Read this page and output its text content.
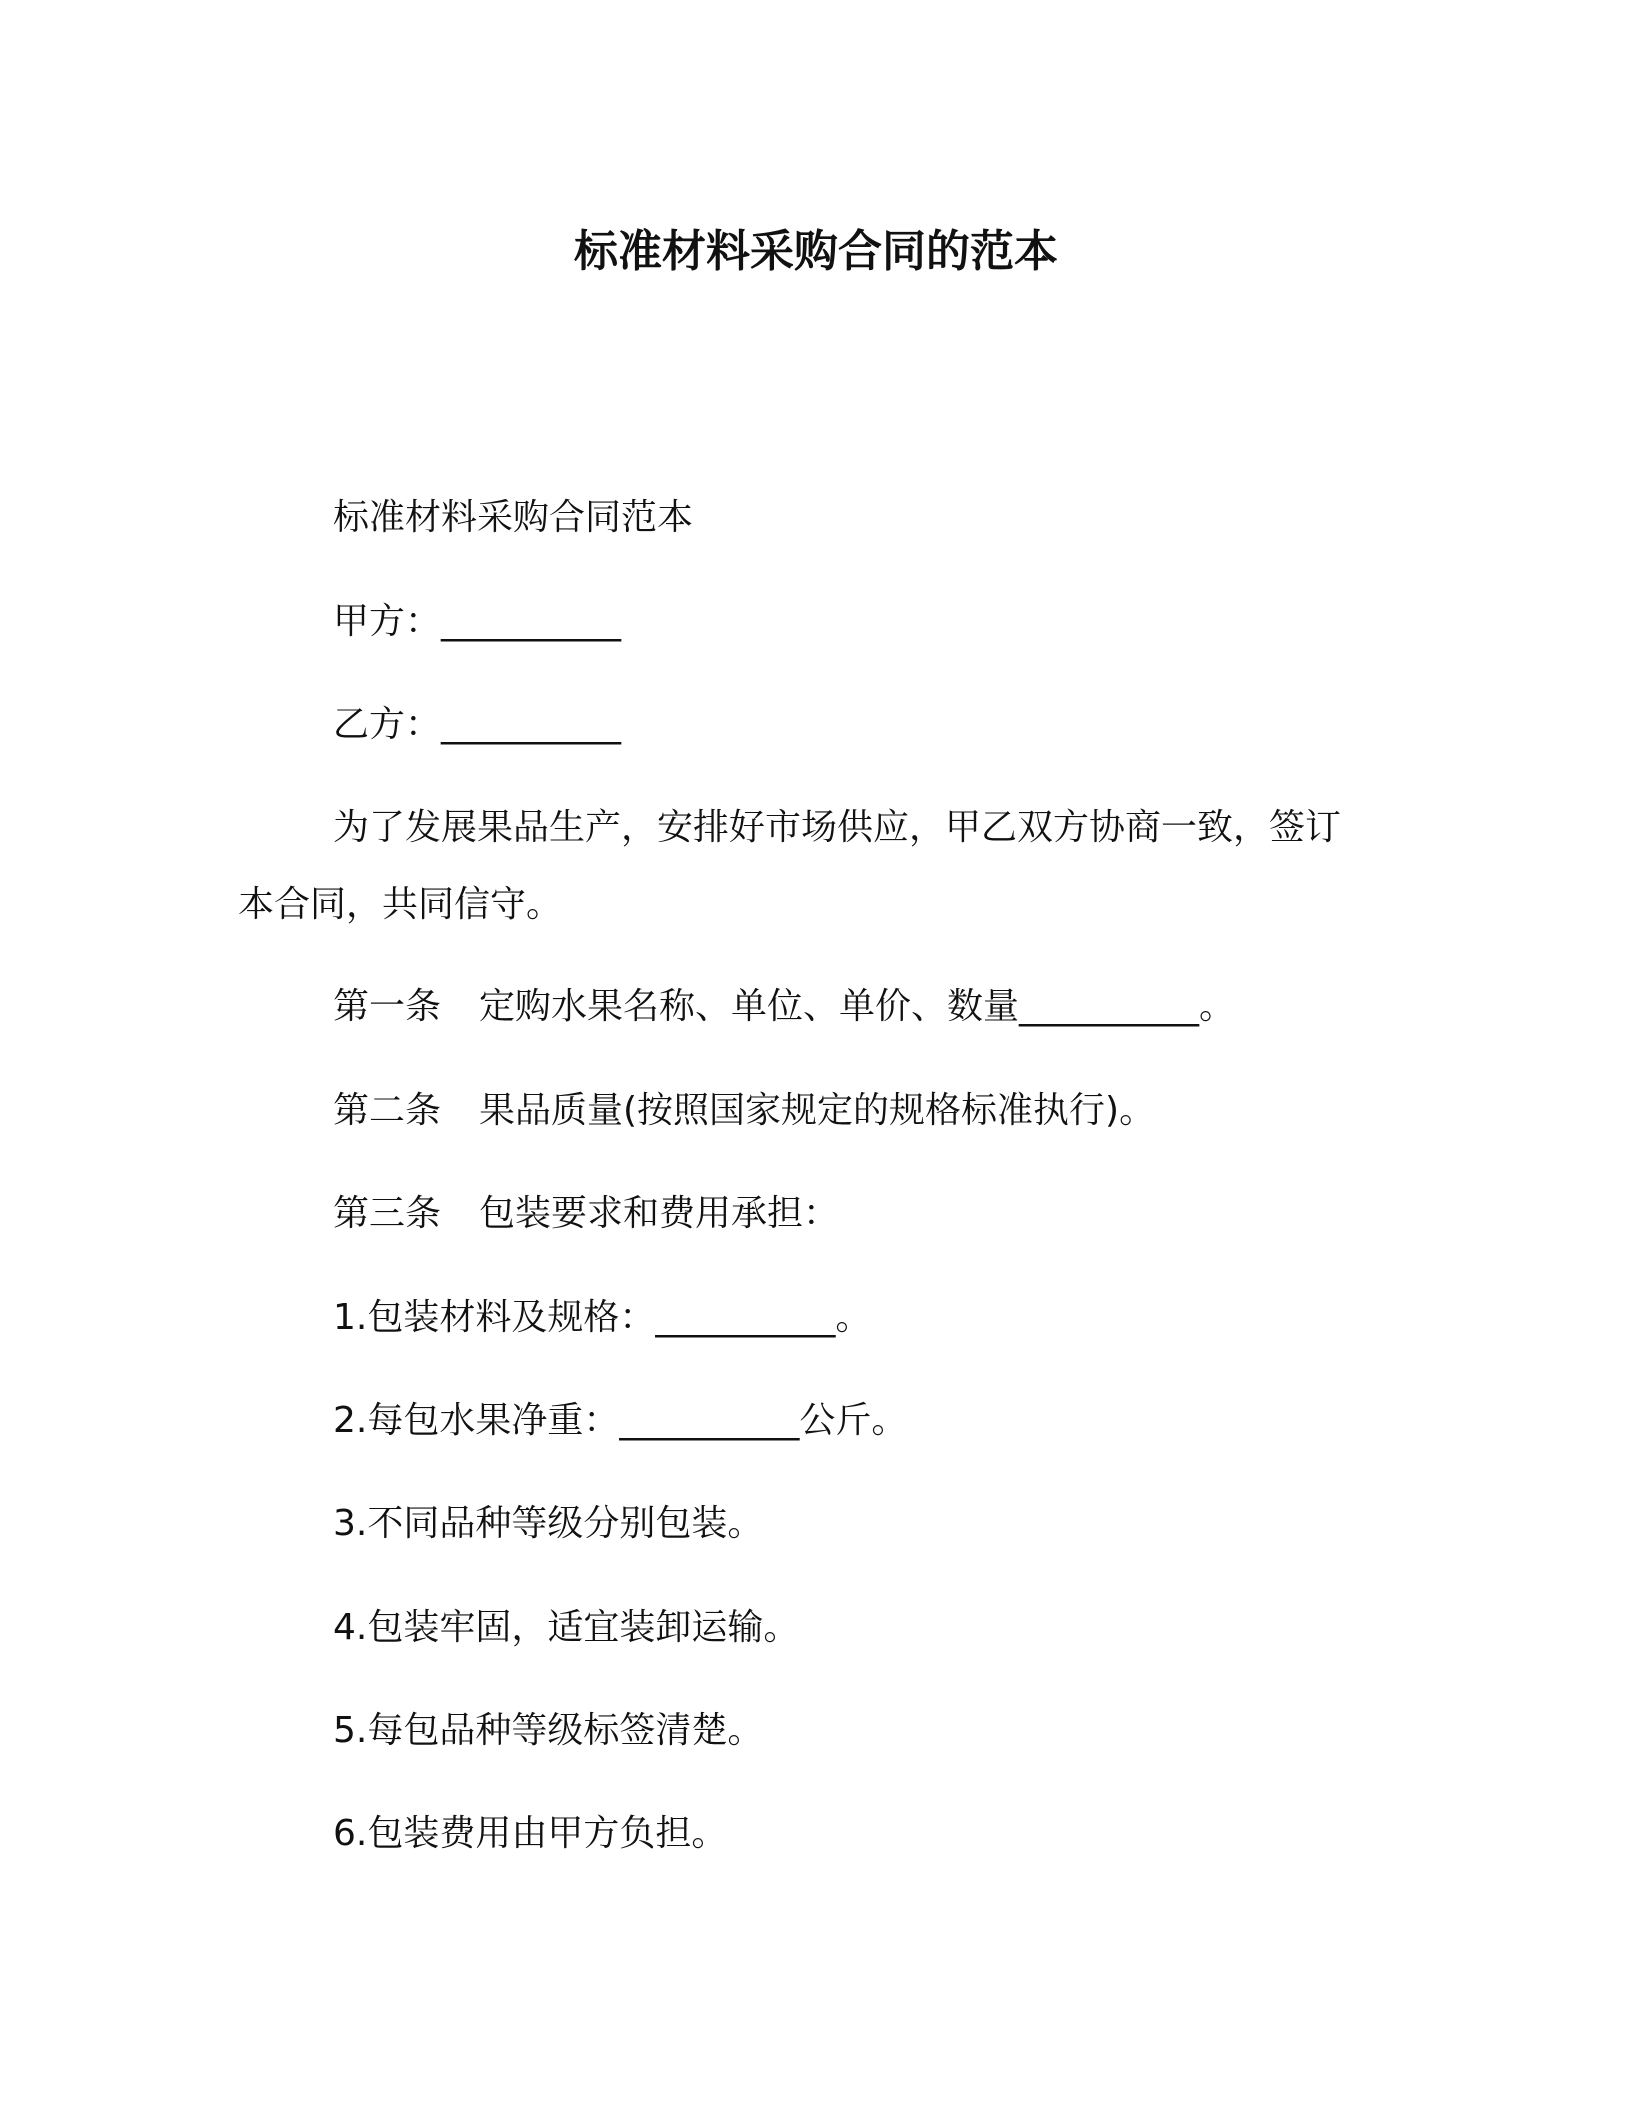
标准材料采购合同的范本
标准材料采购合同范本
甲方：__________
乙方：__________
为了发展果品生产，安排好市场供应，甲乙双方协商一致，签订
本合同，共同信守。
第一条 定购水果名称、单位、单价、数量__________。
第二条 果品质量(按照国家规定的规格标准执行)。
第三条 包装要求和费用承担：
1.包装材料及规格：__________。
2.每包水果净重：__________公斤。
3.不同品种等级分别包装。
4.包装牢固，适宜装卸运输。
5.每包品种等级标签清楚。
6.包装费用由甲方负担。
